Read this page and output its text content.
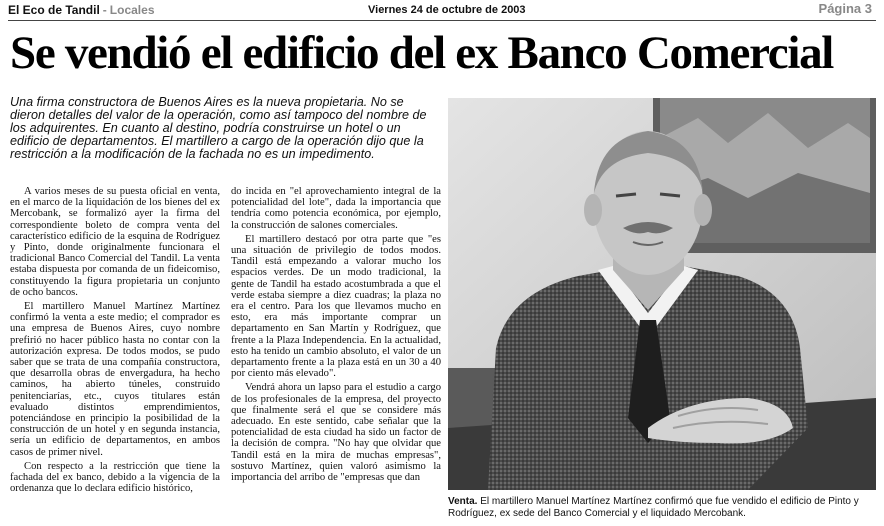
El Eco de Tandil - Locales	Viernes 24 de octubre de 2003	Página 3
Se vendió el edificio del ex Banco Comercial

Una firma constructora de Buenos Aires es la nueva propietaria. No se dieron detalles del valor de la operación, como así tampoco del nombre de los adquirentes. En cuanto al destino, podría construirse un hotel o un edificio de departamentos. El martillero a cargo de la operación dijo que la restricción a la modificación de la fachada no es un impedimento.

A varios meses de su puesta oficial en venta, en el marco de la liquidación de los bienes del ex Mercobank, se formalizó ayer la firma del correspondiente boleto de compra venta del característico edificio de la esquina de Rodríguez y Pinto, donde originalmente funcionara el tradicional Banco Comercial del Tandil. La venta estaba dispuesta por comanda de un fideicomiso, constituyendo la figura propietaria un conjunto de ocho bancos.

El martillero Manuel Martínez Martínez confirmó la venta a este medio; el comprador es una empresa de Buenos Aires, cuyo nombre prefirió no hacer público hasta no contar con la autorización expresa. De todos modos, se pudo saber que se trata de una compañía constructora, que desarrolla obras de envergadura, ha hecho caminos, ha abierto túneles, construido penitenciarías, etc., cuyos titulares están evaluado distintos emprendimientos, potenciándose en principio la posibilidad de la construcción de un hotel y en segunda instancia, sería un edificio de departamentos, en ambos casos de primer nivel.

Con respecto a la restricción que tiene la fachada del ex banco, debido a la vigencia de la ordenanza que lo declara edificio histórico,

do incida en "el aprovechamiento integral de la potencialidad del lote", dada la importancia que tendría como potencia económica, por ejemplo, la construcción de salones comerciales.

El martillero destacó por otra parte que "es una situación de privilegio de todos modos. Tandil está empezando a valorar mucho los espacios verdes. De un modo tradicional, la gente de Tandil ha estado acostumbrada a que el verde estaba siempre a diez cuadras; la plaza no era el centro. Para los que llevamos mucho en esto, era más importante comprar un departamento en San Martín y Rodríguez, que frente a la Plaza Independencia. En la actualidad, esto ha tenido un cambio absoluto, el valor de un departamento frente a la plaza está en un 30 a 40 por ciento más elevado".

Vendrá ahora un lapso para el estudio a cargo de los profesionales de la empresa, del proyecto que finalmente será el que se considere más adecuado. En este sentido, cabe señalar que la potencialidad de esta ciudad ha sido un factor de la decisión de compra. "No hay que olvidar que Tandil está en la mira de muchas empresas", sostuvo Martínez, quien valoró asimismo la importancia del arribo de "empresas que dan

Venta. El martillero Manuel Martínez Martínez confirmó que fue vendido el edificio de Pinto y Rodríguez, ex sede del Banco Comercial y el liquidado Mercobank.
